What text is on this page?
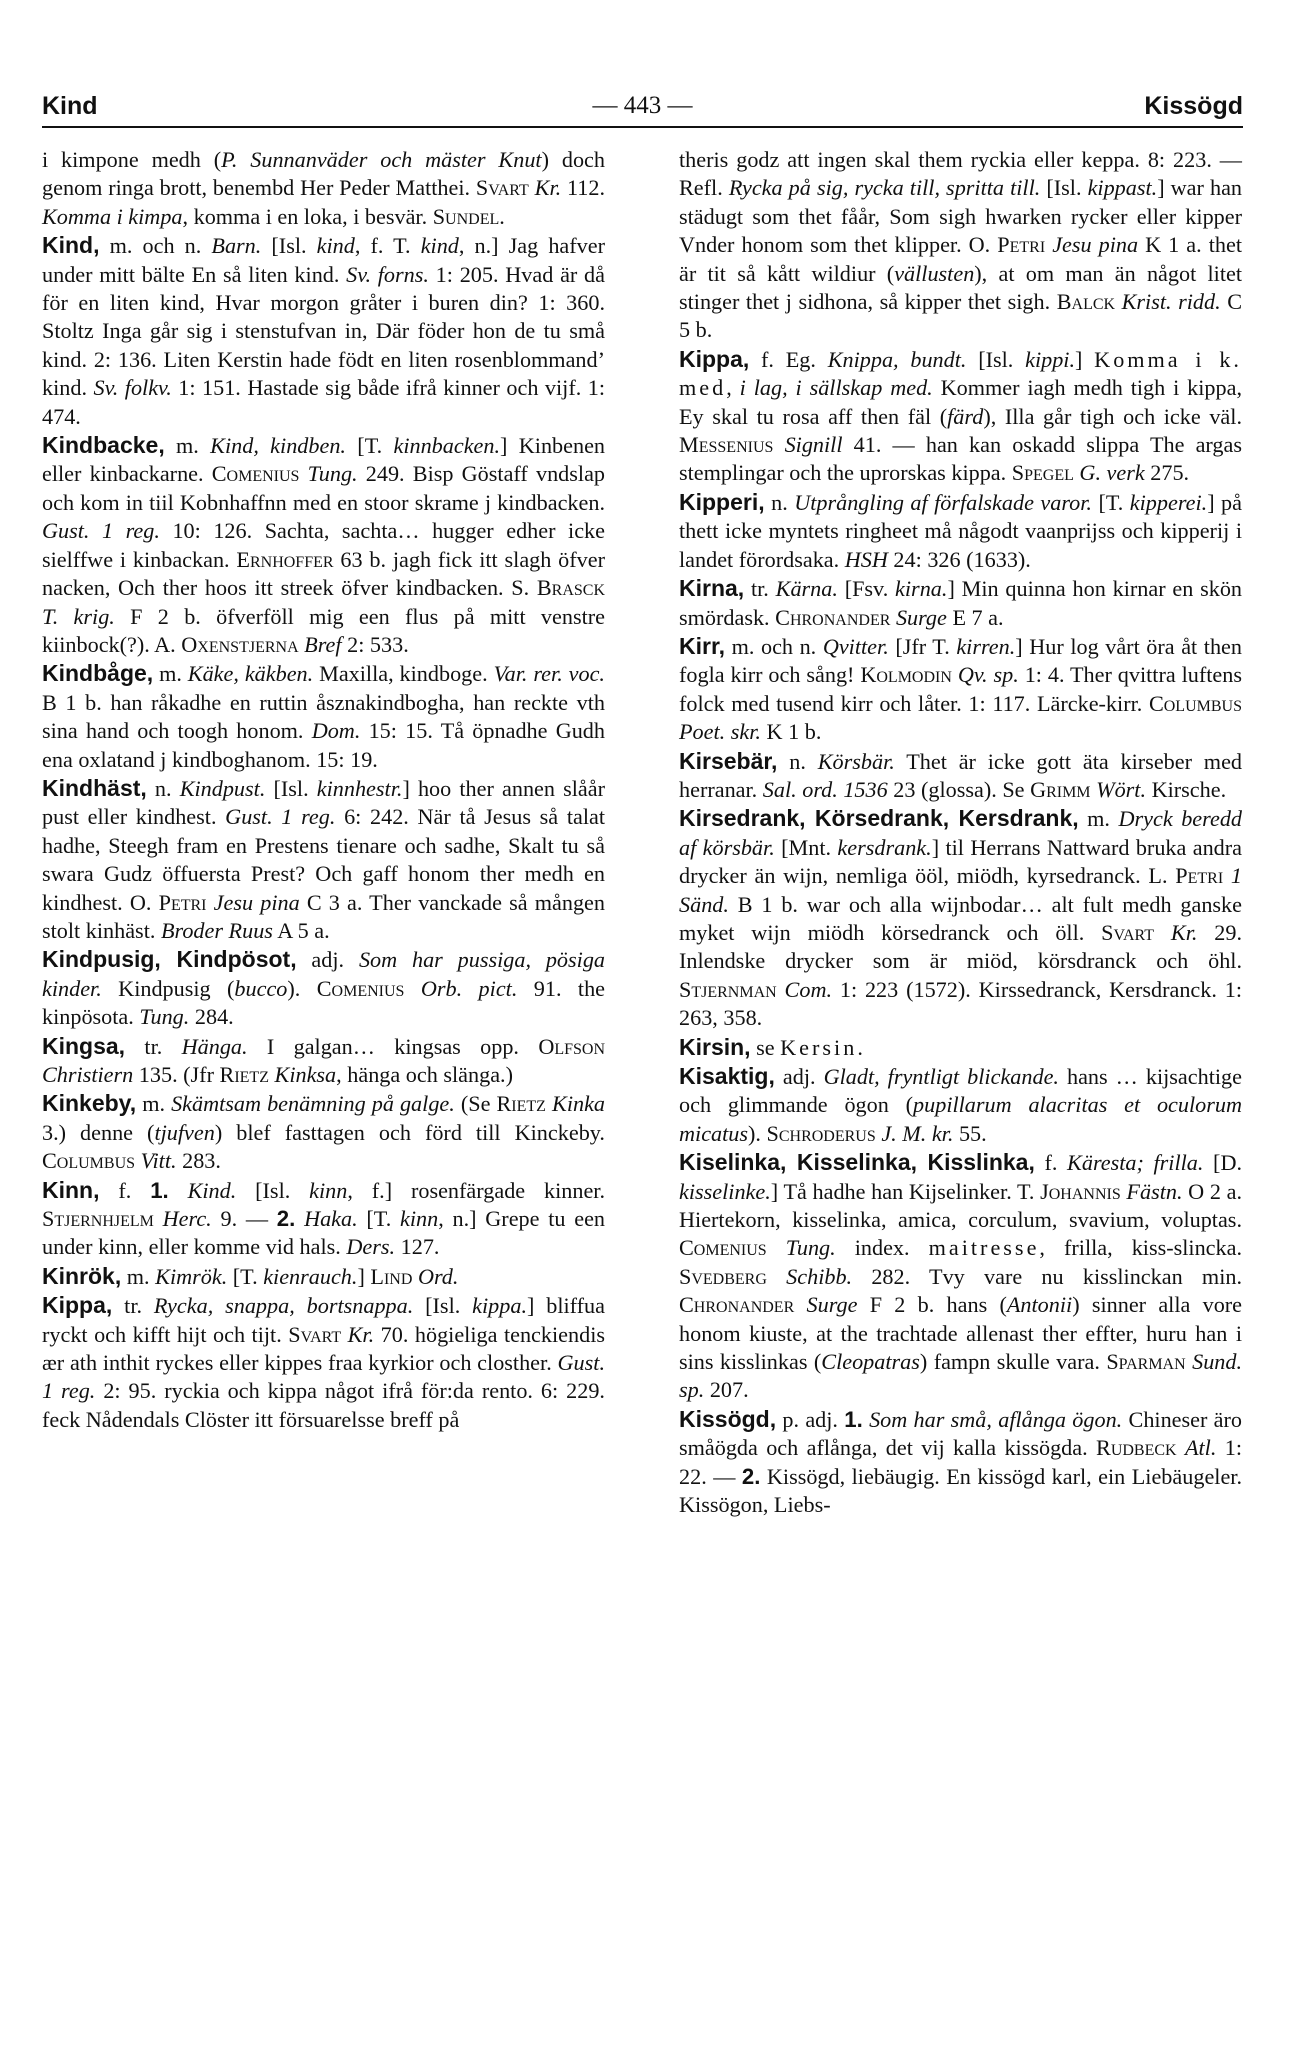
Kind	— 443 —	Kissögd

i kimpone medh (P. Sunnanväder och mäster Knut) doch genom ringa brott, benembd Her Peder Matthei. Svart Kr. 112. Komma i kimpa, komma i en loka, i besvär. Sundel.

Kind, m. och n. Barn. [Isl. kind, f. T. kind, n.] Jag hafver under mitt bälte En så liten kind. Sv. forns. 1: 205. Hvad är då för en liten kind, Hvar morgon gråter i buren din? 1: 360. Stoltz Inga går sig i stenstufvan in, Där föder hon de tu små kind. 2: 136. Liten Kerstin hade födt en liten rosenblommand’ kind. Sv. folkv. 1: 151. Hastade sig både ifrå kinner och vijf. 1: 474.

Kindbacke, m. Kind, kindben. [T. kinnbacken.] Kinbenen eller kinbackarne. Comenius Tung. 249. Bisp Göstaff vndslap och kom in tiil Kobnhaffnn med en stoor skrame j kindbacken. Gust. 1 reg. 10: 126. Sachta, sachta… hugger edher icke sielffwe i kinbackan. Ernhoffer 63 b. jagh fick itt slagh öfver nacken, Och ther hoos itt streek öfver kindbacken. S. Brasck T. krig. F 2 b. öfverföll mig een flus på mitt venstre kiinbock(?). A. Oxenstjerna Bref 2: 533.

Kindbåge, m. Käke, käkben. Maxilla, kindboge. Var. rer. voc. B 1 b. han råkadhe en ruttin åsznakindbogha, han reckte vth sina hand och toogh honom. Dom. 15: 15. Tå öpnadhe Gudh ena oxlatand j kindboghanom. 15: 19.

Kindhäst, n. Kindpust. [Isl. kinnhestr.] hoo ther annen slåår pust eller kindhest. Gust. 1 reg. 6: 242. När tå Jesus så talat hadhe, Steegh fram en Prestens tienare och sadhe, Skalt tu så swara Gudz öffuersta Prest? Och gaff honom ther medh en kindhest. O. Petri Jesu pina C 3 a. Ther vanckade så mången stolt kinhäst. Broder Ruus A 5 a.

Kindpusig, Kindpösot, adj. Som har pussiga, pösiga kinder. Kindpusig (bucco). Comenius Orb. pict. 91. the kinpösota. Tung. 284.

Kingsa, tr. Hänga. I galgan… kingsas opp. Olfson Christiern 135. (Jfr Rietz Kinksa, hänga och slänga.)

Kinkeby, m. Skämtsam benämning på galge. (Se Rietz Kinka 3.) denne (tjufven) blef fasttagen och förd till Kinckeby. Columbus Vitt. 283.

Kinn, f. 1. Kind. [Isl. kinn, f.] rosenfärgade kinner. Stjernhjelm Herc. 9. — 2. Haka. [T. kinn, n.] Grepe tu een under kinn, eller komme vid hals. Ders. 127.

Kinrök, m. Kimrök. [T. kienrauch.] Lind Ord.

Kippa, tr. Rycka, snappa, bortsnappa. [Isl. kippa.] bliffua ryckt och kifft hijt och tijt. Svart Kr. 70. högieliga tenckiendis ær ath inthit ryckes eller kippes fraa kyrkior och closther. Gust. 1 reg. 2: 95. ryckia och kippa något ifrå för:da rento. 6: 229. feck Nådendals Clöster itt försuarelsse breff på

theris godz att ingen skal them ryckia eller keppa. 8: 223. — Refl. Rycka på sig, rycka till, spritta till. [Isl. kippast.] war han städugt som thet fåår, Som sigh hwarken rycker eller kipper Vnder honom som thet klipper. O. Petri Jesu pina K 1 a. thet är tit så kått wildiur (vällusten), at om man än något litet stinger thet j sidhona, så kipper thet sigh. Balck Krist. ridd. C 5 b.

Kippa, f. Eg. Knippa, bundt. [Isl. kippi.] Komma i k. med, i lag, i sällskap med. Kommer iagh medh tigh i kippa, Ey skal tu rosa aff then fäl (färd), Illa går tigh och icke väl. Messenius Signill 41. — han kan oskadd slippa The argas stemplingar och the uprorskas kippa. Spegel G. verk 275.

Kipperi, n. Utprångling af förfalskade varor. [T. kipperei.] på thett icke myntets ringheet må någodt vaanprijss och kipperij i landet förordsaka. HSH 24: 326 (1633).

Kirna, tr. Kärna. [Fsv. kirna.] Min quinna hon kirnar en skön smördask. Chronander Surge E 7 a.

Kirr, m. och n. Qvitter. [Jfr T. kirren.] Hur log vårt öra åt then fogla kirr och sång! Kolmodin Qv. sp. 1: 4. Ther qvittra luftens folck med tusend kirr och låter. 1: 117. Lärcke-kirr. Columbus Poet. skr. K 1 b.

Kirsebär, n. Körsbär. Thet är icke gott äta kirseber med herranar. Sal. ord. 1536 23 (glossa). Se Grimm Wört. Kirsche.

Kirsedrank, Körsedrank, Kersdrank, m. Dryck beredd af körsbär. [Mnt. kersdrank.] til Herrans Nattward bruka andra drycker än wijn, nemliga ööl, miödh, kyrsedranck. L. Petri 1 Sänd. B 1 b. war och alla wijnbodar… alt fult medh ganske myket wijn miödh körsedranck och öll. Svart Kr. 29. Inlendske drycker som är miöd, körsdranck och öhl. Stjernman Com. 1: 223 (1572). Kirssedranck, Kersdranck. 1: 263, 358.

Kirsin, se Kersin.

Kisaktig, adj. Gladt, fryntligt blickande. hans … kijsachtige och glimmande ögon (pupillarum alacritas et oculorum micatus). Schroderus J. M. kr. 55.

Kiselinka, Kisselinka, Kisslinka, f. Käresta; frilla. [D. kisselinke.] Tå hadhe han Kijselinker. T. Johannis Fästn. O 2 a. Hiertekorn, kisselinka, amica, corculum, svavium, voluptas. Comenius Tung. index. maitresse, frilla, kiss-slincka. Svedberg Schibb. 282. Tvy vare nu kisslinckan min. Chronander Surge F 2 b. hans (Antonii) sinner alla vore honom kiuste, at the trachtade allenast ther effter, huru han i sins kisslinkas (Cleopatras) fampn skulle vara. Sparman Sund. sp. 207.

Kissögd, p. adj. 1. Som har små, aflånga ögon. Chineser äro småögda och aflånga, det vij kalla kissögda. Rudbeck Atl. 1: 22. — 2. Kissögd, liebäugig. En kissögd karl, ein Liebäugeler. Kissögon, Liebs-
